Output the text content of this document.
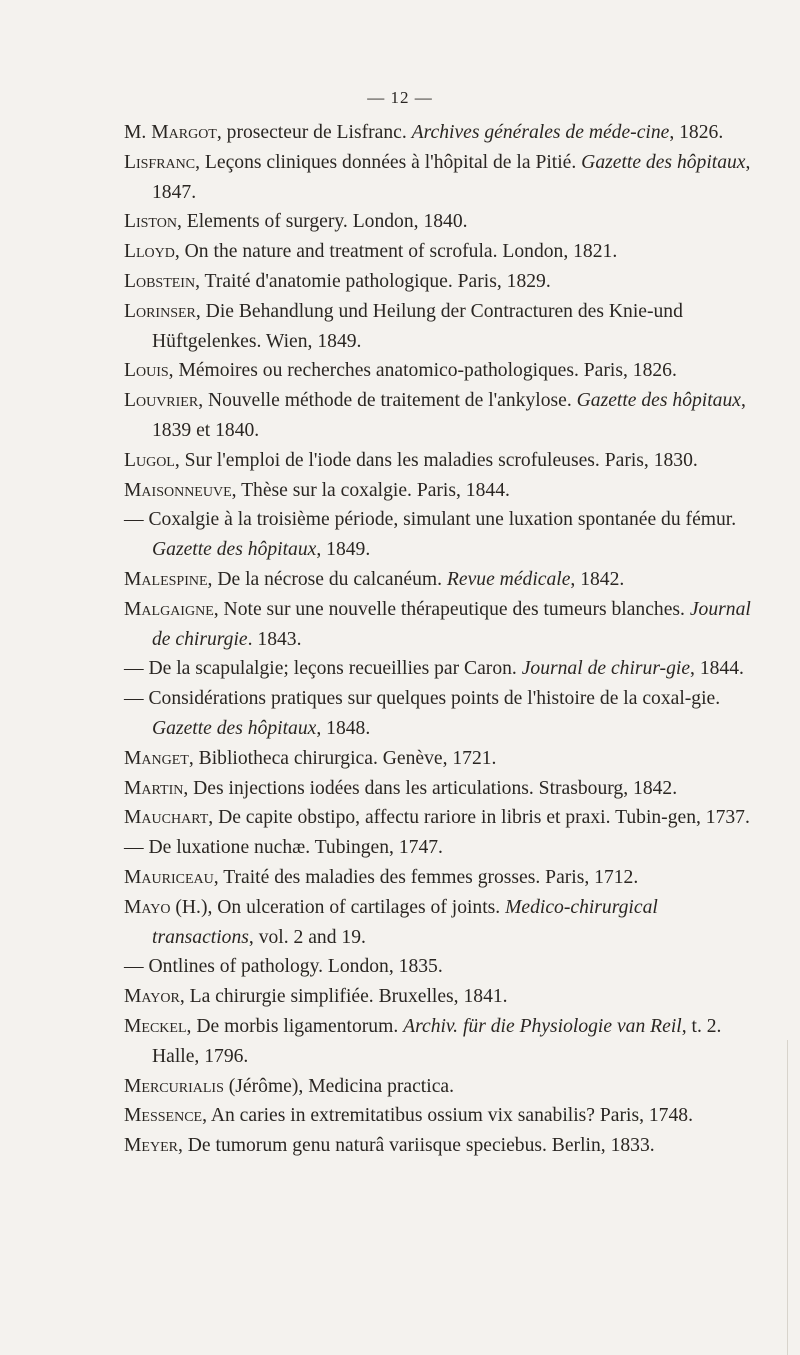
— 12 —

M. Margot, prosecteur de Lisfranc. Archives générales de méde-cine, 1826.

Lisfranc, Leçons cliniques données à l'hôpital de la Pitié. Gazette des hôpitaux, 1847.

Liston, Elements of surgery. London, 1840.

Lloyd, On the nature and treatment of scrofula. London, 1821.

Lobstein, Traité d'anatomie pathologique. Paris, 1829.

Lorinser, Die Behandlung und Heilung der Contracturen des Knie-und Hüftgelenkes. Wien, 1849.

Louis, Mémoires ou recherches anatomico-pathologiques. Paris, 1826.

Louvrier, Nouvelle méthode de traitement de l'ankylose. Gazette des hôpitaux, 1839 et 1840.

Lugol, Sur l'emploi de l'iode dans les maladies scrofuleuses. Paris, 1830.

Maisonneuve, Thèse sur la coxalgie. Paris, 1844.

— Coxalgie à la troisième période, simulant une luxation spontanée du fémur. Gazette des hôpitaux, 1849.

Malespine, De la nécrose du calcanéum. Revue médicale, 1842.

Malgaigne, Note sur une nouvelle thérapeutique des tumeurs blanches. Journal de chirurgie. 1843.

— De la scapulalgie; leçons recueillies par Caron. Journal de chirur-gie, 1844.

— Considérations pratiques sur quelques points de l'histoire de la coxal-gie. Gazette des hôpitaux, 1848.

Manget, Bibliotheca chirurgica. Genève, 1721.

Martin, Des injections iodées dans les articulations. Strasbourg, 1842.

Mauchart, De capite obstipo, affectu rariore in libris et praxi. Tubin-gen, 1737.

— De luxatione nuchæ. Tubingen, 1747.

Mauriceau, Traité des maladies des femmes grosses. Paris, 1712.

Mayo (H.), On ulceration of cartilages of joints. Medico-chirurgical transactions, vol. 2 and 19.

— Ontlines of pathology. London, 1835.

Mayor, La chirurgie simplifiée. Bruxelles, 1841.

Meckel, De morbis ligamentorum. Archiv. für die Physiologie van Reil, t. 2. Halle, 1796.

Mercurialis (Jérôme), Medicina practica.

Messence, An caries in extremitatibus ossium vix sanabilis? Paris, 1748.

Meyer, De tumorum genu naturâ variisque speciebus. Berlin, 1833.
